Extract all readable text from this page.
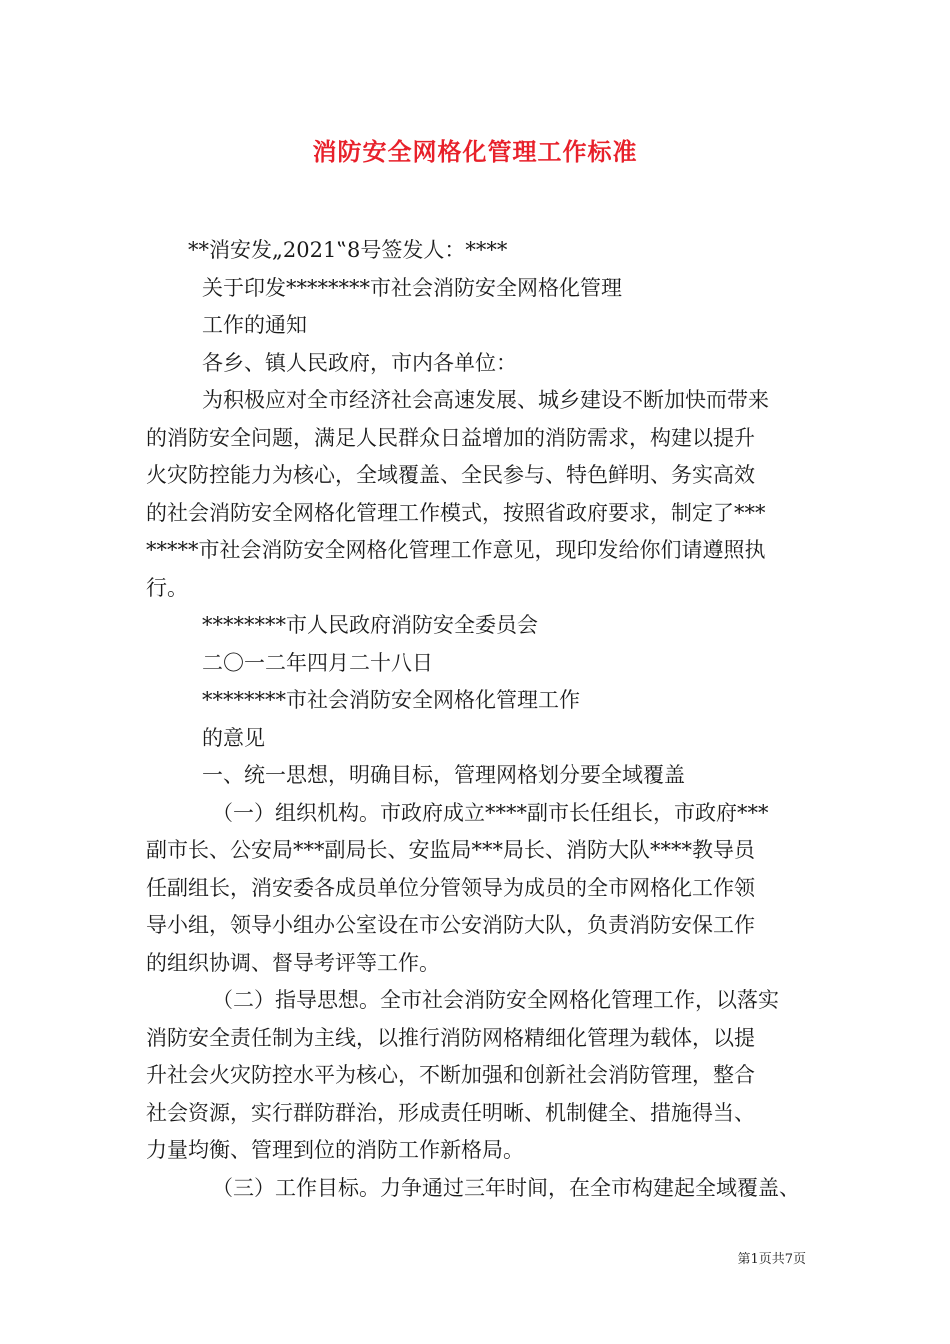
消防安全网格化管理工作标准

**消安发„2021‟8号签发人：****

关于印发********市社会消防安全网格化管理

工作的通知

各乡、镇人民政府，市内各单位：

为积极应对全市经济社会高速发展、城乡建设不断加快而带来

的消防安全问题，满足人民群众日益增加的消防需求，构建以提升

火灾防控能力为核心，全域覆盖、全民参与、特色鲜明、务实高效

的社会消防安全网格化管理工作模式，按照省政府要求，制定了***

*****市社会消防安全网格化管理工作意见，现印发给你们请遵照执

行。

********市人民政府消防安全委员会

二〇一二年四月二十八日

********市社会消防安全网格化管理工作

的意见

一、统一思想，明确目标，管理网格划分要全域覆盖

（一）组织机构。市政府成立****副市长任组长，市政府***

副市长、公安局***副局长、安监局***局长、消防大队****教导员

任副组长，消安委各成员单位分管领导为成员的全市网格化工作领

导小组，领导小组办公室设在市公安消防大队，负责消防安保工作

的组织协调、督导考评等工作。

（二）指导思想。全市社会消防安全网格化管理工作，以落实

消防安全责任制为主线，以推行消防网格精细化管理为载体，以提

升社会火灾防控水平为核心，不断加强和创新社会消防管理，整合

社会资源，实行群防群治，形成责任明晰、机制健全、措施得当、

力量均衡、管理到位的消防工作新格局。

（三）工作目标。力争通过三年时间，在全市构建起全域覆盖、

第1页共7页
